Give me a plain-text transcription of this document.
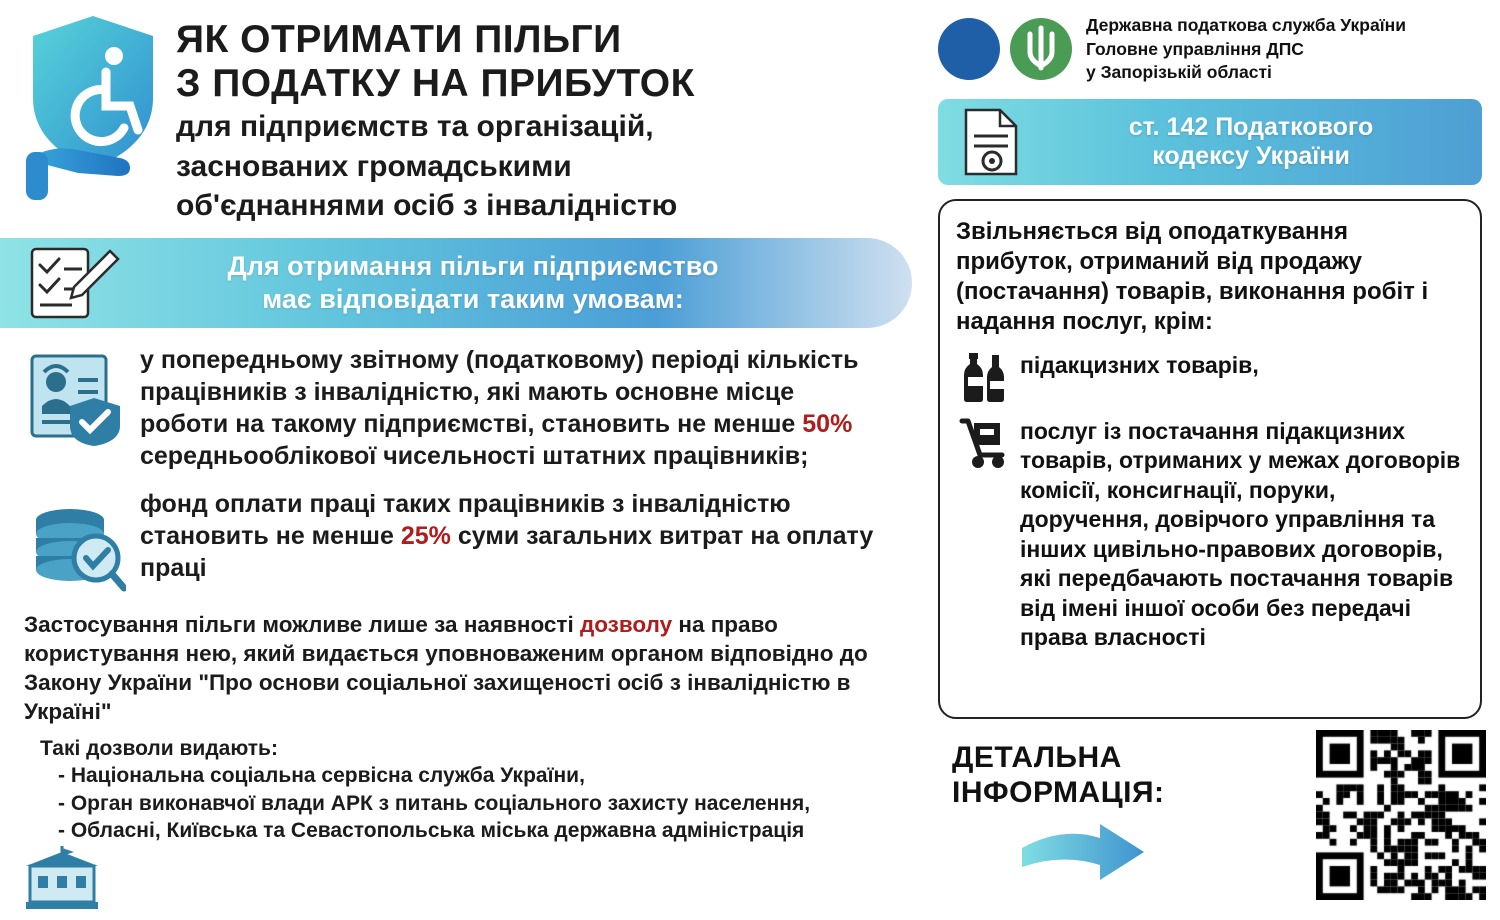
ЯК ОТРИМАТИ ПІЛЬГИ
З ПОДАТКУ НА ПРИБУТОК
для підприємств та організацій,
заснованих громадськими
об'єднаннями осіб з інвалідністю
Для отримання пільги підприємство
має відповідати таким умовам:
у попередньому звітному (податковому) періоді кількість працівників з інвалідністю, які мають основне місце роботи на такому підприємстві, становить не менше 50% середньооблікової чисельності штатних працівників;
фонд оплати праці таких працівників з інвалідністю становить не менше 25% суми загальних витрат на оплату праці
Застосування пільги можливе лише за наявності дозволу на право користування нею, який видається уповноваженим органом відповідно до Закону України "Про основи соціальної захищеності осіб з інвалідністю в Україні"
Такі дозволи видають:
- Національна соціальна сервісна служба України,
- Орган виконавчої влади АРК з питань соціального захисту населення,
- Обласні, Київська та Севастопольська міська державна адміністрація
Державна податкова служба України
Головне управління ДПС
у Запорізькій області
ст. 142 Податкового
кодексу України
Звільняється від оподаткування прибуток, отриманий від продажу (постачання) товарів, виконання робіт і надання послуг, крім:
підакцизних товарів,
послуг із постачання підакцизних товарів, отриманих у межах договорів комісії, консигнації, поруки, доручення, довірчого управління та інших цивільно-правових договорів, які передбачають постачання товарів від імені іншої особи без передачі права власності
ДЕТАЛЬНА
ІНФОРМАЦІЯ:
